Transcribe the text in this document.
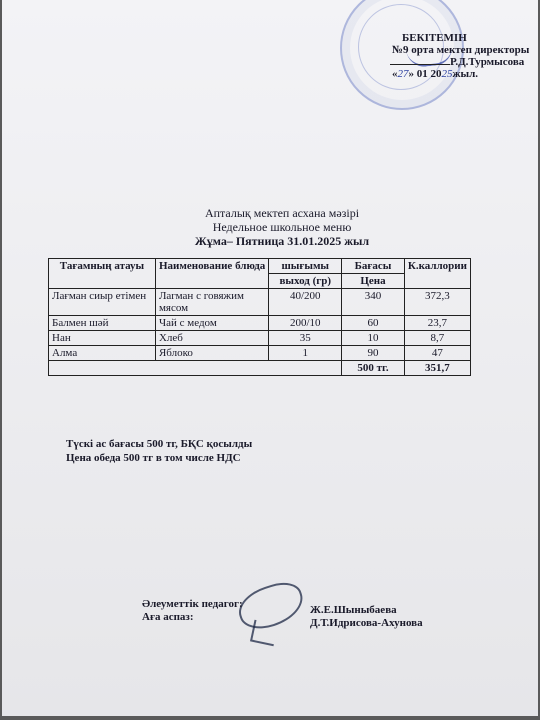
БЕКІТЕМІН
№9 орта мектеп директоры
Р.Д.Турмысова
«27» 01 2025жыл.
Апталық мектеп асхана мәзірі
Недельное школьное меню
Жұма– Пятница 31.01.2025 жыл
Тағамның атауы	Наименование блюда	шығымы	Бағасы	К.каллории
		выход (гр)	Цена	
Лағман сиыр етімен	Лагман с говяжим мясом	40/200	340	372,3
Балмен шәй	Чай с медом	200/10	60	23,7
Нан	Хлеб	35	10	8,7
Алма	Яблоко	1	90	47
			500 тг.	351,7
Түскі ас бағасы 500 тг, БҚС қосылды
Цена обеда 500 тг в том числе НДС
Әлеуметтік педагог:
Аға аспаз:
Ж.Е.Шыныбаева
Д.Т.Идрисова-Ахунова
